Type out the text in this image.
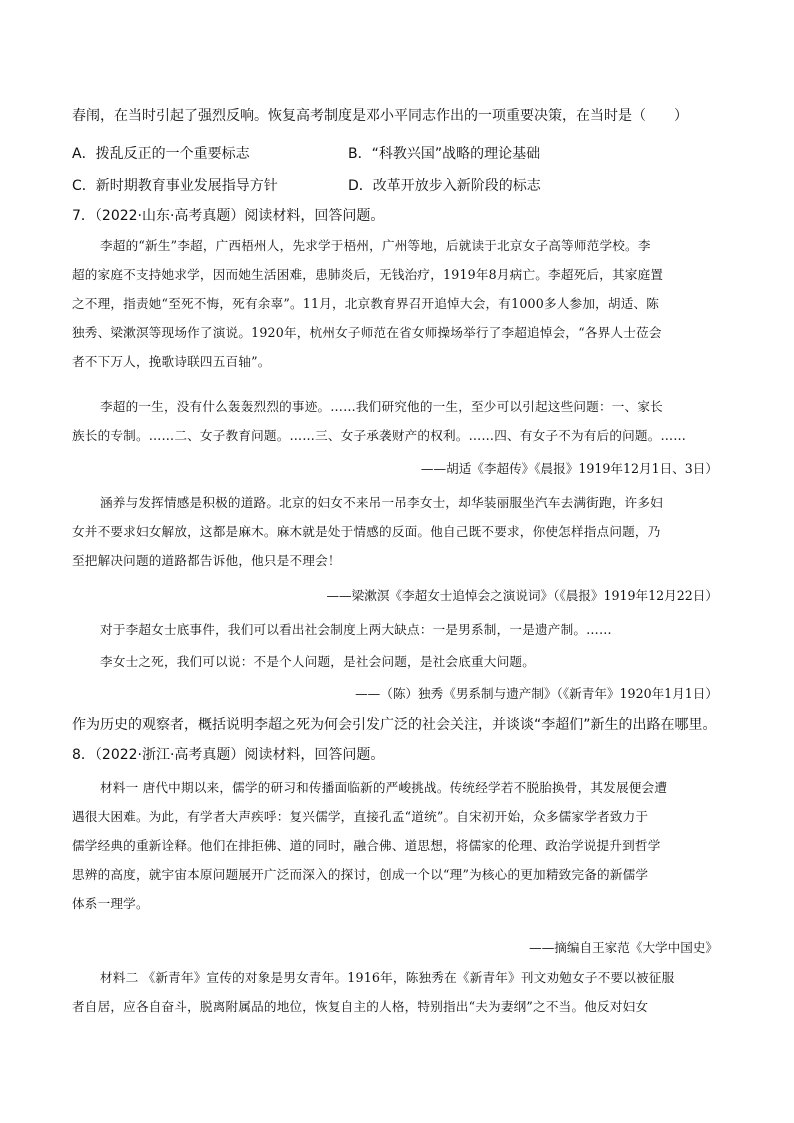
春闱，在当时引起了强烈反响。恢复高考制度是邓小平同志作出的一项重要决策，在当时是（　　）
A．拨乱反正的一个重要标志	B．“科教兴国”战略的理论基础
C．新时期教育事业发展指导方针	D．改革开放步入新阶段的标志
7．（2022·山东·高考真题）阅读材料，回答问题。
李超的“新生”李超，广西梧州人，先求学于梧州，广州等地，后就读于北京女子高等师范学校。李
超的家庭不支持她求学，因而她生活困难，患肺炎后，无钱治疗，1919年8月病亡。李超死后，其家庭置
之不理，指责她“至死不悔，死有余辜”。11月，北京教育界召开追悼大会，有1000多人参加，胡适、陈
独秀、梁漱溟等现场作了演说。1920年，杭州女子师范在省女师操场举行了李超追悼会，“各界人士莅会
者不下万人，挽歌诗联四五百轴”。
李超的一生，没有什么轰轰烈烈的事迹。……我们研究他的一生，至少可以引起这些问题：一、家长
族长的专制。……二、女子教育问题。……三、女子承袭财产的权利。……四、有女子不为有后的问题。……
——胡适《李超传》《晨报》1919年12月1日、3日）
涵养与发挥情感是积极的道路。北京的妇女不来吊一吊李女士，却华装丽服坐汽车去满街跑，许多妇
女并不要求妇女解放，这都是麻木。麻木就是处于情感的反面。他自己既不要求，你使怎样指点问题，乃
至把解决问题的道路都告诉他，他只是不理会！
——梁漱溟《李超女士追悼会之演说词》（《晨报》1919年12月22日）
对于李超女士底事件，我们可以看出社会制度上两大缺点：一是男系制，一是遗产制。……
李女士之死，我们可以说：不是个人问题，是社会问题，是社会底重大问题。
——（陈）独秀《男系制与遗产制》（《新青年》1920年1月1日）
作为历史的观察者，概括说明李超之死为何会引发广泛的社会关注，并谈谈“李超们”新生的出路在哪里。
8．（2022·浙江·高考真题）阅读材料，回答问题。
材料一 唐代中期以来，儒学的研习和传播面临新的严峻挑战。传统经学若不脱胎换骨，其发展便会遭
遇很大困难。为此，有学者大声疾呼：复兴儒学，直接孔孟“道统”。自宋初开始，众多儒家学者致力于
儒学经典的重新诠释。他们在排拒佛、道的同时，融合佛、道思想，将儒家的伦理、政治学说提升到哲学
思辨的高度，就宇宙本原问题展开广泛而深入的探讨，创成一个以“理”为核心的更加精致完备的新儒学
体系一理学。
——摘编自王家范《大学中国史》
材料二 《新青年》宣传的对象是男女青年。1916年，陈独秀在《新青年》刊文劝勉女子不要以被征服
者自居，应各自奋斗，脱离附属品的地位，恢复自主的人格，特别指出“夫为妻纲”之不当。他反对妇女
